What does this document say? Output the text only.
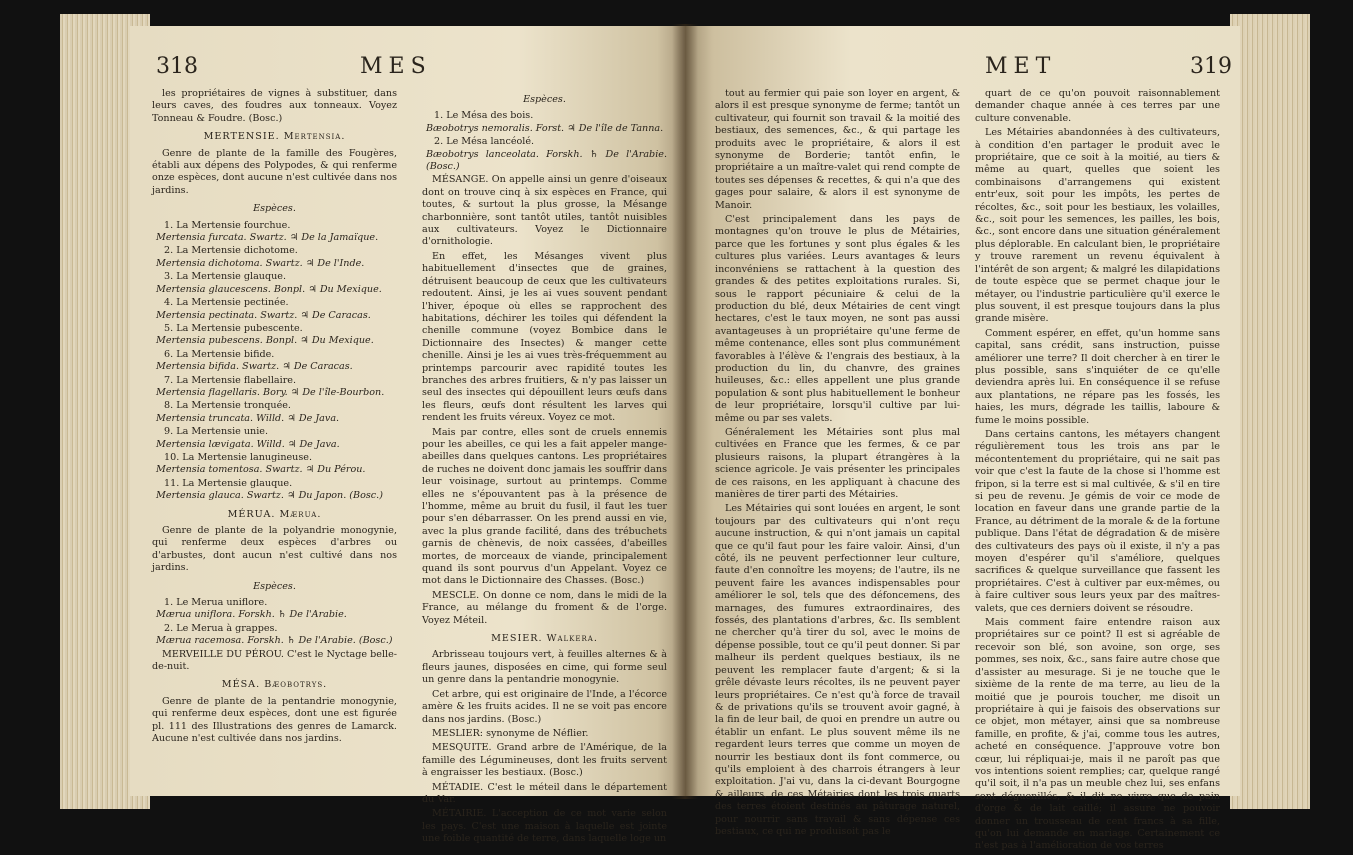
318	MES

les propriétaires de vignes à substituer, dans leurs caves, des foudres aux tonneaux. Voyez Tonneau & Foudre. (Bosc.)

MERTENSIE. Mertensia.

Genre de plante de la famille des Fougères, établi aux dépens des Polypodes, & qui renferme onze espèces, dont aucune n'est cultivée dans nos jardins.

Espèces.

1. La Mertensie fourchue.

Mertensia furcata. Swartz. ♃ De la Jamaïque.

2. La Mertensie dichotome.

Mertensia dichotoma. Swartz. ♃ De l'Inde.

3. La Mertensie glauque.

Mertensia glaucescens. Bonpl. ♃ Du Mexique.

4. La Mertensie pectinée.

Mertensia pectinata. Swartz. ♃ De Caracas.

5. La Mertensie pubescente.

Mertensia pubescens. Bonpl. ♃ Du Mexique.

6. La Mertensie bifide.

Mertensia bifida. Swartz. ♃ De Caracas.

7. La Mertensie flabellaire.

Mertensia flagellaris. Bory. ♃ De l'île-Bourbon.

8. La Mertensie tronquée.

Mertensia truncata. Willd. ♃ De Java.

9. La Mertensie unie.

Mertensia lævigata. Willd. ♃ De Java.

10. La Mertensie lanugineuse.

Mertensia tomentosa. Swartz. ♃ Du Pérou.

11. La Mertensie glauque.

Mertensia glauca. Swartz. ♃ Du Japon. (Bosc.)

MÉRUA. Mærua.

Genre de plante de la polyandrie monogynie, qui renferme deux espèces d'arbres ou d'arbustes, dont aucun n'est cultivé dans nos jardins.

Espèces.

1. Le Merua uniflore.

Mærua uniflora. Forskh. ♄ De l'Arabie.

2. Le Merua à grappes.

Mærua racemosa. Forskh. ♄ De l'Arabie. (Bosc.)

MERVEILLE DU PÉROU. C'est le Nyctage belle-de-nuit.

MÉSA. Bæobotrys.

Genre de plante de la pentandrie monogynie, qui renferme deux espèces, dont une est figurée pl. 111 des Illustrations des genres de Lamarck. Aucune n'est cultivée dans nos jardins.

Espèces.

1. Le Mésa des bois.

Bæobotrys nemoralis. Forst. ♃ De l'île de Tanna.

2. Le Mésa lancéolé.

Bæobotrys lanceolata. Forskh. ♄ De l'Arabie. (Bosc.)

MÉSANGE. On appelle ainsi un genre d'oiseaux dont on trouve cinq à six espèces en France, qui toutes, & surtout la plus grosse, la Mésange charbonnière, sont tantôt utiles, tantôt nuisibles aux cultivateurs. Voyez le Dictionnaire d'ornithologie.

En effet, les Mésanges vivent plus habituellement d'insectes que de graines, détruisent beaucoup de ceux que les cultivateurs redoutent. Ainsi, je les ai vues souvent pendant l'hiver, époque où elles se rapprochent des habitations, déchirer les toiles qui défendent la chenille commune (voyez Bombice dans le Dictionnaire des Insectes) & manger cette chenille. Ainsi je les ai vues très-fréquemment au printemps parcourir avec rapidité toutes les branches des arbres fruitiers, & n'y pas laisser un seul des insectes qui dépouillent leurs œufs dans les fleurs, œufs dont résultent les larves qui rendent les fruits véreux. Voyez ce mot.

Mais par contre, elles sont de cruels ennemis pour les abeilles, ce qui les a fait appeler mange-abeilles dans quelques cantons. Les propriétaires de ruches ne doivent donc jamais les souffrir dans leur voisinage, surtout au printemps. Comme elles ne s'épouvantent pas à la présence de l'homme, même au bruit du fusil, il faut les tuer pour s'en débarrasser. On les prend aussi en vie, avec la plus grande facilité, dans des trébuchets garnis de chènevis, de noix cassées, d'abeilles mortes, de morceaux de viande, principalement quand ils sont pourvus d'un Appelant. Voyez ce mot dans le Dictionnaire des Chasses. (Bosc.)

MESCLE. On donne ce nom, dans le midi de la France, au mélange du froment & de l'orge. Voyez Méteil.

MESIER. Walkera.

Arbrisseau toujours vert, à feuilles alternes & à fleurs jaunes, disposées en cime, qui forme seul un genre dans la pentandrie monogynie.

Cet arbre, qui est originaire de l'Inde, a l'écorce amère & les fruits acides. Il ne se voit pas encore dans nos jardins. (Bosc.)

MESLIER: synonyme de Néflier.

MESQUITE. Grand arbre de l'Amérique, de la famille des Légumineuses, dont les fruits servent à engraisser les bestiaux. (Bosc.)

MÉTADIE. C'est le méteil dans le département du Var.

MÉTAIRIE. L'acception de ce mot varie selon les pays. C'est une maison à laquelle est jointe une foible quantité de terre, dans laquelle loge un

MET	319

tout au fermier qui paie son loyer en argent, & alors il est presque synonyme de ferme; tantôt un cultivateur, qui fournit son travail & la moitié des bestiaux, des semences, &c., & qui partage les produits avec le propriétaire, & alors il est synonyme de Borderie; tantôt enfin, le propriétaire a un maître-valet qui rend compte de toutes ses dépenses & recettes, & qui n'a que des gages pour salaire, & alors il est synonyme de Manoir.

C'est principalement dans les pays de montagnes qu'on trouve le plus de Métairies, parce que les fortunes y sont plus égales & les cultures plus variées. Leurs avantages & leurs inconvéniens se rattachent à la question des grandes & des petites exploitations rurales. Si, sous le rapport pécuniaire & celui de la production du blé, deux Métairies de cent vingt hectares, c'est le taux moyen, ne sont pas aussi avantageuses à un propriétaire qu'une ferme de même contenance, elles sont plus communément favorables à l'élève & l'engrais des bestiaux, à la production du lin, du chanvre, des graines huileuses, &c.: elles appellent une plus grande population & sont plus habituellement le bonheur de leur propriétaire, lorsqu'il cultive par lui-même ou par ses valets.

Généralement les Métairies sont plus mal cultivées en France que les fermes, & ce par plusieurs raisons, la plupart étrangères à la science agricole. Je vais présenter les principales de ces raisons, en les appliquant à chacune des manières de tirer parti des Métairies.

Les Métairies qui sont louées en argent, le sont toujours par des cultivateurs qui n'ont reçu aucune instruction, & qui n'ont jamais un capital que ce qu'il faut pour les faire valoir. Ainsi, d'un côté, ils ne peuvent perfectionner leur culture, faute d'en connoître les moyens; de l'autre, ils ne peuvent faire les avances indispensables pour améliorer le sol, tels que des défoncemens, des marnages, des fumures extraordinaires, des fossés, des plantations d'arbres, &c. Ils semblent ne chercher qu'à tirer du sol, avec le moins de dépense possible, tout ce qu'il peut donner. Si par malheur ils perdent quelques bestiaux, ils ne peuvent les remplacer faute d'argent; & si la grêle dévaste leurs récoltes, ils ne peuvent payer leurs propriétaires. Ce n'est qu'à force de travail & de privations qu'ils se trouvent avoir gagné, à la fin de leur bail, de quoi en prendre un autre ou établir un enfant. Le plus souvent même ils ne regardent leurs terres que comme un moyen de nourrir les bestiaux dont ils font commerce, ou qu'ils emploient à des charrois étrangers à leur exploitation. J'ai vu, dans la ci-devant Bourgogne & ailleurs, de ces Métairies dont les trois quarts des terres étoient destinés au pâturage naturel, pour nourrir sans travail & sans dépense ces bestiaux, ce qui ne produisoit pas le

quart de ce qu'on pouvoit raisonnablement demander chaque année à ces terres par une culture convenable.

Les Métairies abandonnées à des cultivateurs, à condition d'en partager le produit avec le propriétaire, que ce soit à la moitié, au tiers & même au quart, quelles que soient les combinaisons d'arrangemens qui existent entr'eux, soit pour les impôts, les pertes de récoltes, &c., soit pour les bestiaux, les volailles, &c., soit pour les semences, les pailles, les bois, &c., sont encore dans une situation généralement plus déplorable. En calculant bien, le propriétaire y trouve rarement un revenu équivalent à l'intérêt de son argent; & malgré les dilapidations de toute espèce que se permet chaque jour le métayer, ou l'industrie particulière qu'il exerce le plus souvent, il est presque toujours dans la plus grande misère.

Comment espérer, en effet, qu'un homme sans capital, sans crédit, sans instruction, puisse améliorer une terre? Il doit chercher à en tirer le plus possible, sans s'inquiéter de ce qu'elle deviendra après lui. En conséquence il se refuse aux plantations, ne répare pas les fossés, les haies, les murs, dégrade les taillis, laboure & fume le moins possible.

Dans certains cantons, les métayers changent régulièrement tous les trois ans par le mécontentement du propriétaire, qui ne sait pas voir que c'est la faute de la chose si l'homme est fripon, si la terre est si mal cultivée, & s'il en tire si peu de revenu. Je gémis de voir ce mode de location en faveur dans une grande partie de la France, au détriment de la morale & de la fortune publique. Dans l'état de dégradation & de misère des cultivateurs des pays où il existe, il n'y a pas moyen d'espérer qu'il s'améliore, quelques sacrifices & quelque surveillance que fassent les propriétaires. C'est à cultiver par eux-mêmes, ou à faire cultiver sous leurs yeux par des maîtres-valets, que ces derniers doivent se résoudre.

Mais comment faire entendre raison aux propriétaires sur ce point? Il est si agréable de recevoir son blé, son avoine, son orge, ses pommes, ses noix, &c., sans faire autre chose que d'assister au mesurage. Si je ne touche que le sixième de la rente de ma terre, au lieu de la moitié que je pourois toucher, me disoit un propriétaire à qui je faisois des observations sur ce objet, mon métayer, ainsi que sa nombreuse famille, en profite, & j'ai, comme tous les autres, acheté en conséquence. J'approuve votre bon cœur, lui répliquai-je, mais il ne paroît pas que vos intentions soient remplies; car, quelque rangé qu'il soit, il n'a pas un meuble chez lui, ses enfans sont déguenillés, & il dit ne vivre que de pain d'orge & de lait caillé; il assure ne pouvoir donner un trousseau de cent francs à sa fille, qu'on lui demande en mariage. Certainement ce n'est pas à l'amélioration de vos terres
